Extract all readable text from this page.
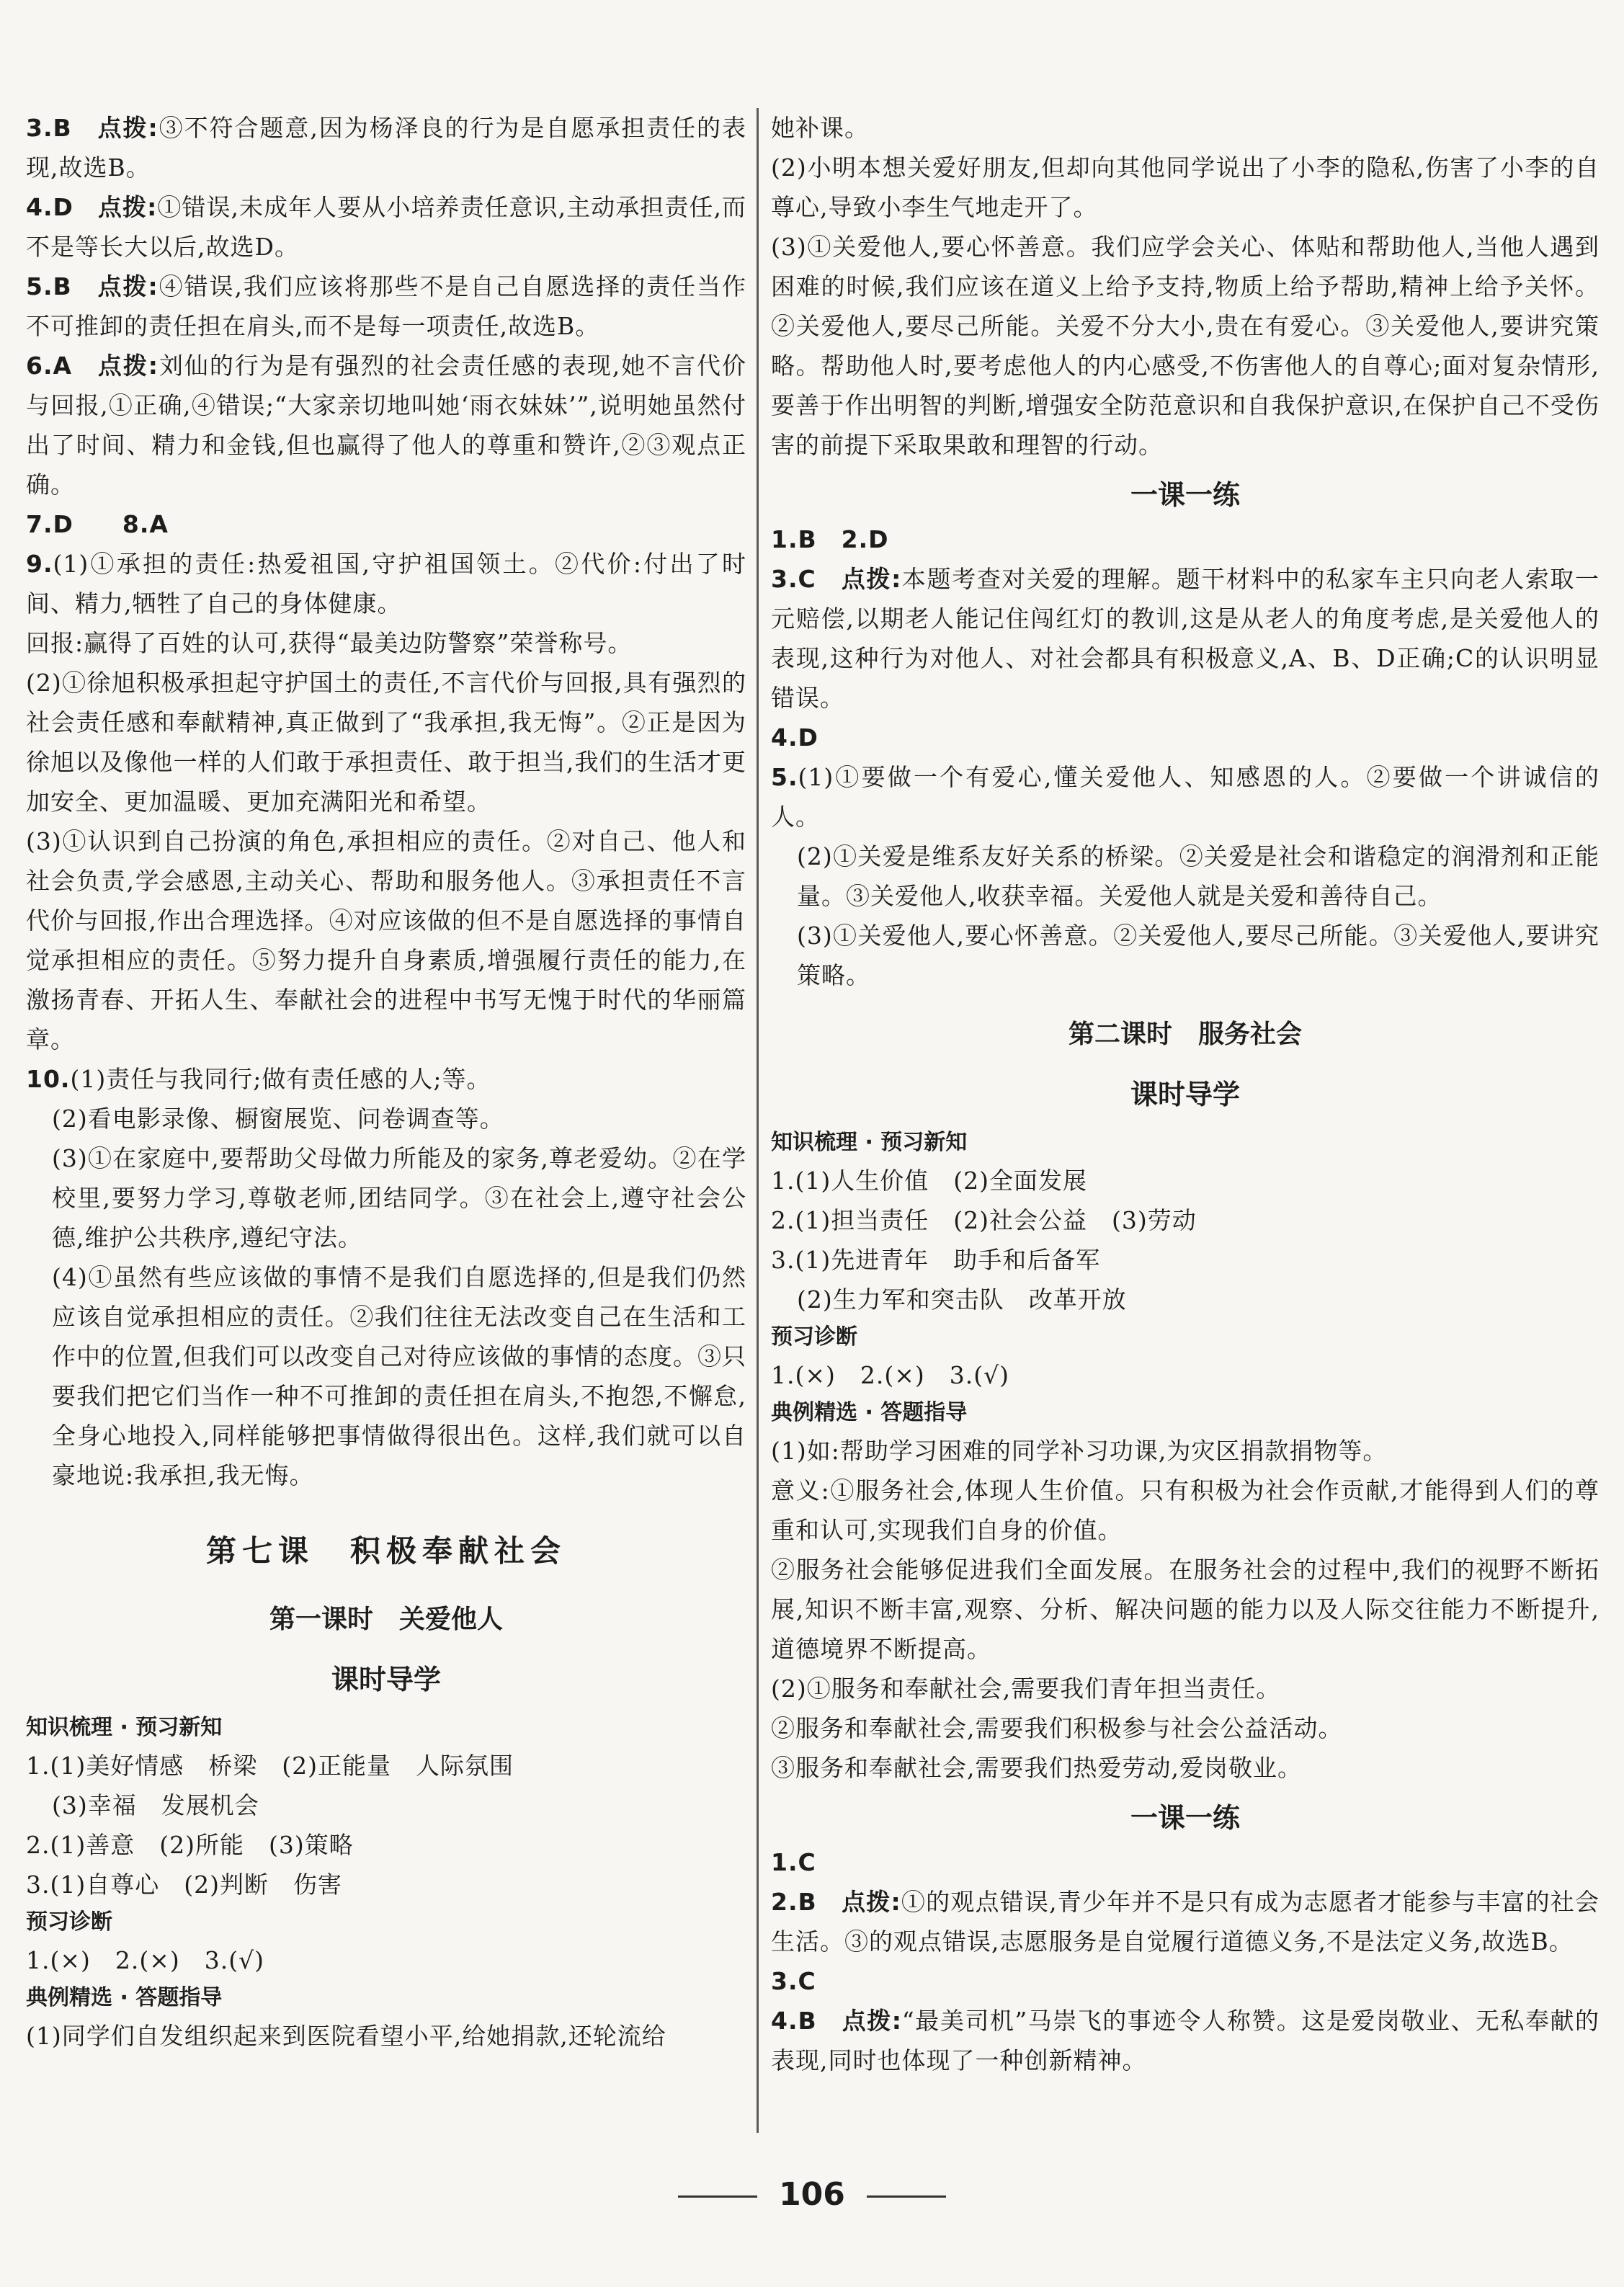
3.B　 点拨:③不符合题意,因为杨泽良的行为是自愿承担责任的表现,故选B。

4.D　 点拨:①错误,未成年人要从小培养责任意识,主动承担责任,而不是等长大以后,故选D。

5.B　 点拨:④错误,我们应该将那些不是自己自愿选择的责任当作不可推卸的责任担在肩头,而不是每一项责任,故选B。

6.A　 点拨:刘仙的行为是有强烈的社会责任感的表现,她不言代价与回报,①正确,④错误;“大家亲切地叫她‘雨衣妹妹’”,说明她虽然付出了时间、精力和金钱,但也赢得了他人的尊重和赞许,②③观点正确。

7.D　　 8.A

9.(1)①承担的责任:热爱祖国,守护祖国领土。②代价:付出了时间、精力,牺牲了自己的身体健康。

回报:赢得了百姓的认可,获得“最美边防警察”荣誉称号。

(2)①徐旭积极承担起守护国土的责任,不言代价与回报,具有强烈的社会责任感和奉献精神,真正做到了“我承担,我无悔”。②正是因为徐旭以及像他一样的人们敢于承担责任、敢于担当,我们的生活才更加安全、更加温暖、更加充满阳光和希望。

(3)①认识到自己扮演的角色,承担相应的责任。②对自己、他人和社会负责,学会感恩,主动关心、帮助和服务他人。③承担责任不言代价与回报,作出合理选择。④对应该做的但不是自愿选择的事情自觉承担相应的责任。⑤努力提升自身素质,增强履行责任的能力,在激扬青春、开拓人生、奉献社会的进程中书写无愧于时代的华丽篇章。

10.(1)责任与我同行;做有责任感的人;等。

(2)看电影录像、橱窗展览、问卷调查等。

(3)①在家庭中,要帮助父母做力所能及的家务,尊老爱幼。②在学校里,要努力学习,尊敬老师,团结同学。③在社会上,遵守社会公德,维护公共秩序,遵纪守法。

(4)①虽然有些应该做的事情不是我们自愿选择的,但是我们仍然应该自觉承担相应的责任。②我们往往无法改变自己在生活和工作中的位置,但我们可以改变自己对待应该做的事情的态度。③只要我们把它们当作一种不可推卸的责任担在肩头,不抱怨,不懈怠,全身心地投入,同样能够把事情做得很出色。这样,我们就可以自豪地说:我承担,我无悔。

第七课　积极奉献社会
第一课时　关爱他人
课时导学

知识梳理 · 预习新知

1.(1)美好情感　桥梁　(2)正能量　人际氛围

(3)幸福　发展机会

2.(1)善意　(2)所能　(3)策略

3.(1)自尊心　(2)判断　伤害

预习诊断

1.(×)　2.(×)　3.(√)

典例精选 · 答题指导

(1)同学们自发组织起来到医院看望小平,给她捐款,还轮流给

她补课。

(2)小明本想关爱好朋友,但却向其他同学说出了小李的隐私,伤害了小李的自尊心,导致小李生气地走开了。

(3)①关爱他人,要心怀善意。我们应学会关心、体贴和帮助他人,当他人遇到困难的时候,我们应该在道义上给予支持,物质上给予帮助,精神上给予关怀。②关爱他人,要尽己所能。关爱不分大小,贵在有爱心。③关爱他人,要讲究策略。帮助他人时,要考虑他人的内心感受,不伤害他人的自尊心;面对复杂情形,要善于作出明智的判断,增强安全防范意识和自我保护意识,在保护自己不受伤害的前提下采取果敢和理智的行动。

一课一练

1.B　2.D

3.C　 点拨:本题考查对关爱的理解。题干材料中的私家车主只向老人索取一元赔偿,以期老人能记住闯红灯的教训,这是从老人的角度考虑,是关爱他人的表现,这种行为对他人、对社会都具有积极意义,A、B、D正确;C的认识明显错误。

4.D

5.(1)①要做一个有爱心,懂关爱他人、知感恩的人。②要做一个讲诚信的人。

(2)①关爱是维系友好关系的桥梁。②关爱是社会和谐稳定的润滑剂和正能量。③关爱他人,收获幸福。关爱他人就是关爱和善待自己。

(3)①关爱他人,要心怀善意。②关爱他人,要尽己所能。③关爱他人,要讲究策略。

第二课时　服务社会
课时导学

知识梳理 · 预习新知

1.(1)人生价值　(2)全面发展

2.(1)担当责任　(2)社会公益　(3)劳动

3.(1)先进青年　助手和后备军

(2)生力军和突击队　改革开放

预习诊断

1.(×)　2.(×)　3.(√)

典例精选 · 答题指导

(1)如:帮助学习困难的同学补习功课,为灾区捐款捐物等。

意义:①服务社会,体现人生价值。只有积极为社会作贡献,才能得到人们的尊重和认可,实现我们自身的价值。

②服务社会能够促进我们全面发展。在服务社会的过程中,我们的视野不断拓展,知识不断丰富,观察、分析、解决问题的能力以及人际交往能力不断提升,道德境界不断提高。

(2)①服务和奉献社会,需要我们青年担当责任。

②服务和奉献社会,需要我们积极参与社会公益活动。

③服务和奉献社会,需要我们热爱劳动,爱岗敬业。

一课一练

1.C

2.B　 点拨:①的观点错误,青少年并不是只有成为志愿者才能参与丰富的社会生活。③的观点错误,志愿服务是自觉履行道德义务,不是法定义务,故选B。

3.C

4.B　 点拨:“最美司机”马崇飞的事迹令人称赞。这是爱岗敬业、无私奉献的表现,同时也体现了一种创新精神。

106
